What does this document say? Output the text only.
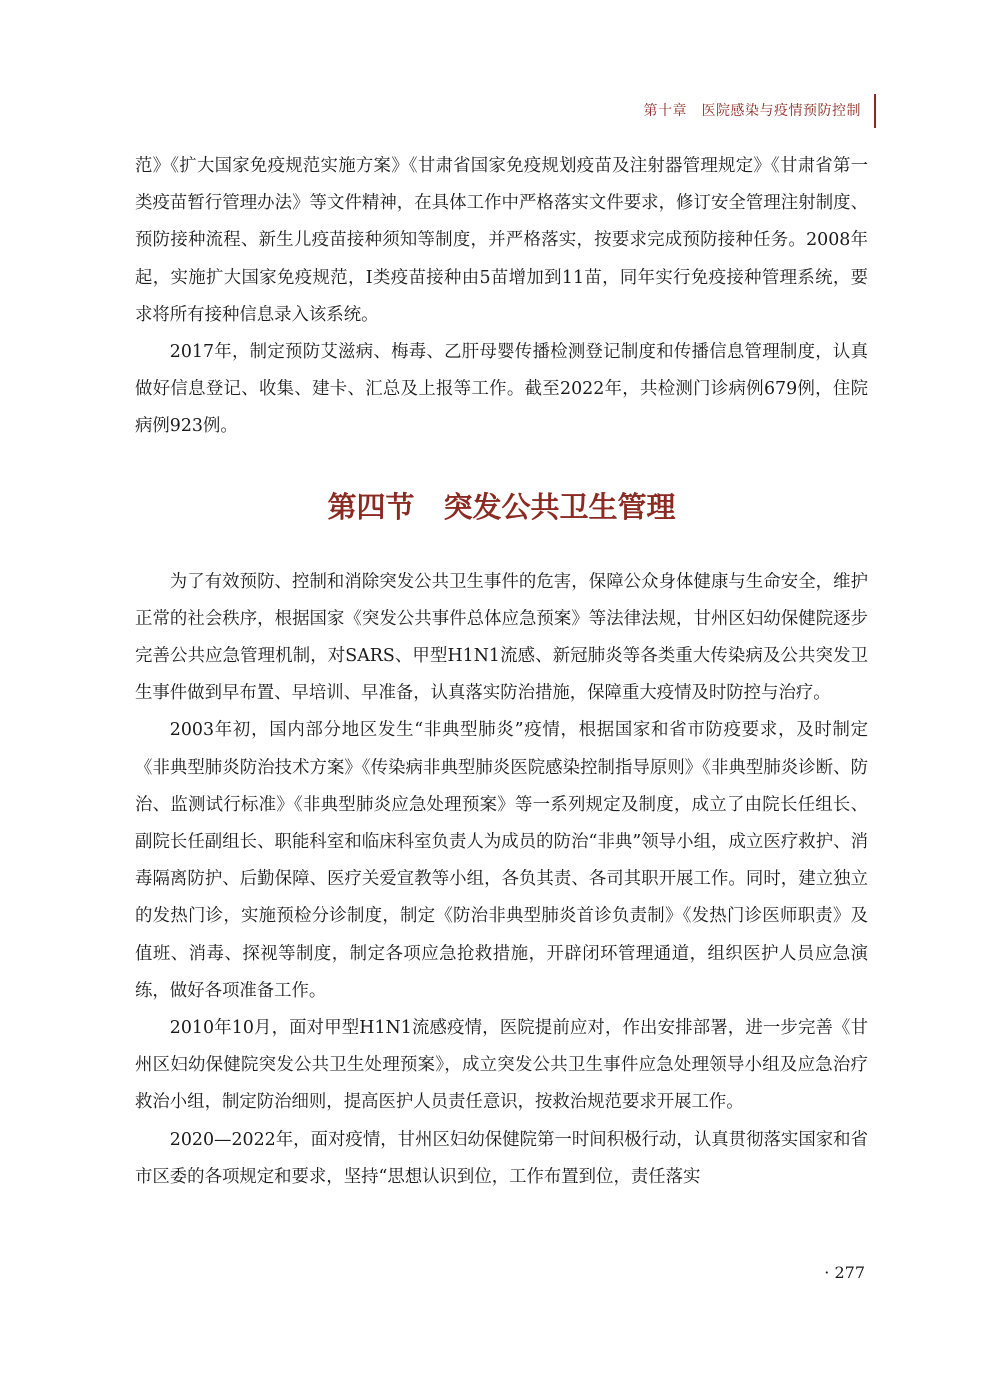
第十章　医院感染与疫情预防控制

范》《扩大国家免疫规范实施方案》《甘肃省国家免疫规划疫苗及注射器管理规定》《甘肃省第一类疫苗暂行管理办法》等文件精神，在具体工作中严格落实文件要求，修订安全管理注射制度、预防接种流程、新生儿疫苗接种须知等制度，并严格落实，按要求完成预防接种任务。2008年起，实施扩大国家免疫规范，Ⅰ类疫苗接种由5苗增加到11苗，同年实行免疫接种管理系统，要求将所有接种信息录入该系统。

2017年，制定预防艾滋病、梅毒、乙肝母婴传播检测登记制度和传播信息管理制度，认真做好信息登记、收集、建卡、汇总及上报等工作。截至2022年，共检测门诊病例679例，住院病例923例。

第四节　突发公共卫生管理

为了有效预防、控制和消除突发公共卫生事件的危害，保障公众身体健康与生命安全，维护正常的社会秩序，根据国家《突发公共事件总体应急预案》等法律法规，甘州区妇幼保健院逐步完善公共应急管理机制，对SARS、甲型H1N1流感、新冠肺炎等各类重大传染病及公共突发卫生事件做到早布置、早培训、早准备，认真落实防治措施，保障重大疫情及时防控与治疗。

2003年初，国内部分地区发生“非典型肺炎”疫情，根据国家和省市防疫要求，及时制定《非典型肺炎防治技术方案》《传染病非典型肺炎医院感染控制指导原则》《非典型肺炎诊断、防治、监测试行标准》《非典型肺炎应急处理预案》等一系列规定及制度，成立了由院长任组长、副院长任副组长、职能科室和临床科室负责人为成员的防治“非典”领导小组，成立医疗救护、消毒隔离防护、后勤保障、医疗关爱宣教等小组，各负其责、各司其职开展工作。同时，建立独立的发热门诊，实施预检分诊制度，制定《防治非典型肺炎首诊负责制》《发热门诊医师职责》及值班、消毒、探视等制度，制定各项应急抢救措施，开辟闭环管理通道，组织医护人员应急演练，做好各项准备工作。

2010年10月，面对甲型H1N1流感疫情，医院提前应对，作出安排部署，进一步完善《甘州区妇幼保健院突发公共卫生处理预案》，成立突发公共卫生事件应急处理领导小组及应急治疗救治小组，制定防治细则，提高医护人员责任意识，按救治规范要求开展工作。

2020—2022年，面对疫情，甘州区妇幼保健院第一时间积极行动，认真贯彻落实国家和省市区委的各项规定和要求，坚持“思想认识到位，工作布置到位，责任落实

· 277
